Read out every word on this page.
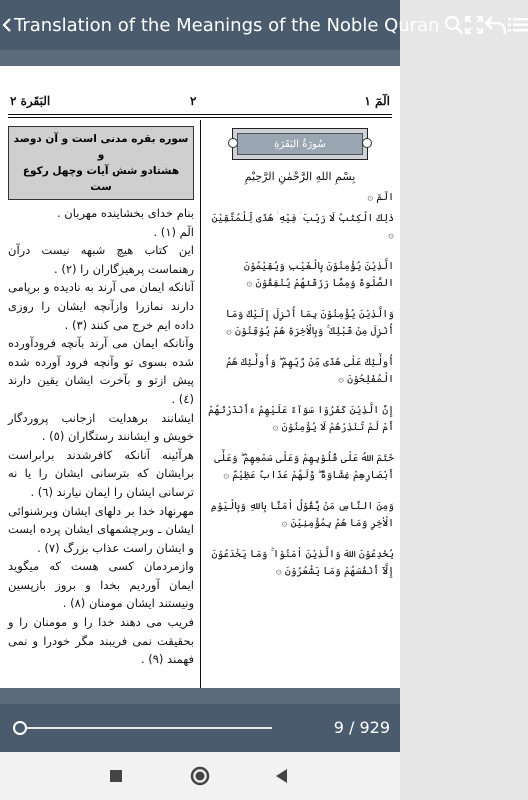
Translation of the Meanings of the Noble Quran
البَقَرة ٢	٢	الٓمٓ ١
سوره بقره مدنی است و آن دوصد و
هشتادو شش آیات وچهل رکوع ست

بنام خدای بخشاینده مهربان .

الٓم (١) .

این کتاب هیچ شبهه نیست درآن رهنماست پرهیزگاران را (٢) .

آنانکه ایمان می آرند به ناديده و برپامی دارند نمازرا وازآنچه ایشان را روزی داده ایم خرج می کنند (٣) .

وآنانکه ایمان می آرند بآنچه فرودآورده شده بسوی تو وآنچه فرود آورده شده پیش ازتو و بآخرت ایشان یقین دارند (٤) .

ایشانند برهدایت ازجانب پروردگار خويش و ایشانند رستگاران (٥) .

هرآئینه آنانکه کافرشدند برابراست برایشان که بترسانی ایشان را یا نه ترسانی ایشان را ایمان نیارند (٦) .

مهرنهاد خدا بر دلهای ایشان وبرشنوائی ایشان ـ وبرچشمهای ایشان پرده ایست و ایشان راست عذاب بزرگ (٧) .

وازمردمان کسی هست که میگوید ایمان آوردیم بخدا و بروز بازپسین ونیستند ایشان مومنان (٨) .

فریب می دهند خدا را و مومنان را و بحقیقت نمی فریبند مگر خودرا و نمی فهمند (٩) .

سُورَةُ البَقَرَةِ
بِسْمِ اللهِ الرَّحْمٰنِ الرَّحِيْمِ
الٓمٓ ۞
ذٰلِكَ الْكِتٰبُ لَا رَيْبَ ۛ فِيْهِ ۛ هُدًى لِّلْمُتَّقِيْنَ ۞
الَّذِيْنَ يُؤْمِنُوْنَ بِالْغَيْبِ وَيُقِيْمُوْنَ الصَّلٰوةَ وَمِمَّا رَزَقْنٰهُمْ يُنْفِقُوْنَ ۞
وَالَّذِيْنَ يُؤْمِنُوْنَ بِمَا أُنْزِلَ إِلَيْكَ وَمَا أُنْزِلَ مِنْ قَبْلِكَ ۚ وَبِالْاٰخِرَةِ هُمْ يُوْقِنُوْنَ ۞
أُولٰٓئِكَ عَلٰى هُدًى مِّنْ رَّبِّهِمْ ۖ وَأُولٰٓئِكَ هُمُ الْمُفْلِحُوْنَ ۞
إِنَّ الَّذِيْنَ كَفَرُوْا سَوَآءٌ عَلَيْهِمْ ءَأَنْذَرْتَهُمْ أَمْ لَمْ تُنْذِرْهُمْ لَا يُؤْمِنُوْنَ ۞
خَتَمَ اللهُ عَلٰى قُلُوْبِهِمْ وَعَلٰى سَمْعِهِمْ ۖ وَعَلٰٓى أَبْصَارِهِمْ غِشَاوَةٌ ۖ وَّلَهُمْ عَذَابٌ عَظِيْمٌ ۞
وَمِنَ النَّاسِ مَنْ يَّقُوْلُ اٰمَنَّا بِاللهِ وَبِالْيَوْمِ الْاٰخِرِ وَمَا هُمْ بِمُؤْمِنِيْنَ ۞
يُخٰدِعُوْنَ اللهَ وَالَّذِيْنَ اٰمَنُوْا ۚ وَمَا يَخْدَعُوْنَ إِلَّآ أَنْفُسَهُمْ وَمَا يَشْعُرُوْنَ ۞
9 / 929
